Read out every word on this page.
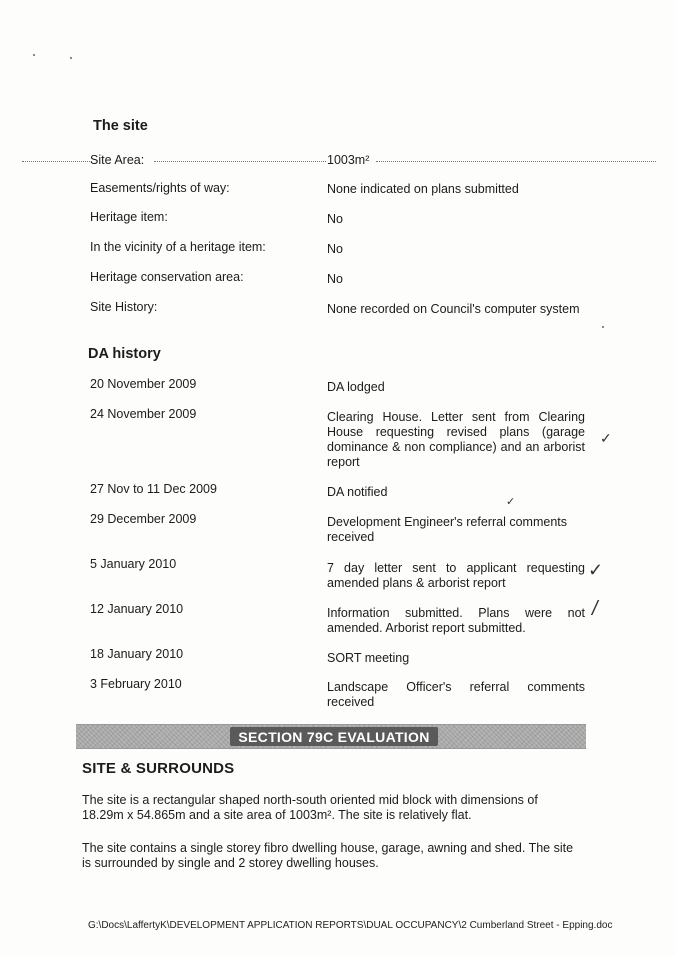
The site
Site Area:	1003m²
Easements/rights of way:	None indicated on plans submitted
Heritage item:	No
In the vicinity of a heritage item:	No
Heritage conservation area:	No
Site History:	None recorded on Council's computer system
DA history
20 November 2009	DA lodged
24 November 2009	Clearing House. Letter sent from Clearing House requesting revised plans (garage dominance & non compliance) and an arborist report
✓
27 Nov to 11 Dec 2009	DA notified
✓
29 December 2009	Development Engineer's referral comments received
5 January 2010	7 day letter sent to applicant requesting amended plans & arborist report
✓
12 January 2010	Information submitted. Plans were not amended. Arborist report submitted.
/
18 January 2010	SORT meeting
3 February 2010	Landscape Officer's referral comments received
SECTION 79C EVALUATION
SITE & SURROUNDS
The site is a rectangular shaped north-south oriented mid block with dimensions of 18.29m x 54.865m and a site area of 1003m². The site is relatively flat.
The site contains a single storey fibro dwelling house, garage, awning and shed. The site is surrounded by single and 2 storey dwelling houses.
G:\Docs\LaffertyK\DEVELOPMENT APPLICATION REPORTS\DUAL OCCUPANCY\2 Cumberland Street - Epping.doc
